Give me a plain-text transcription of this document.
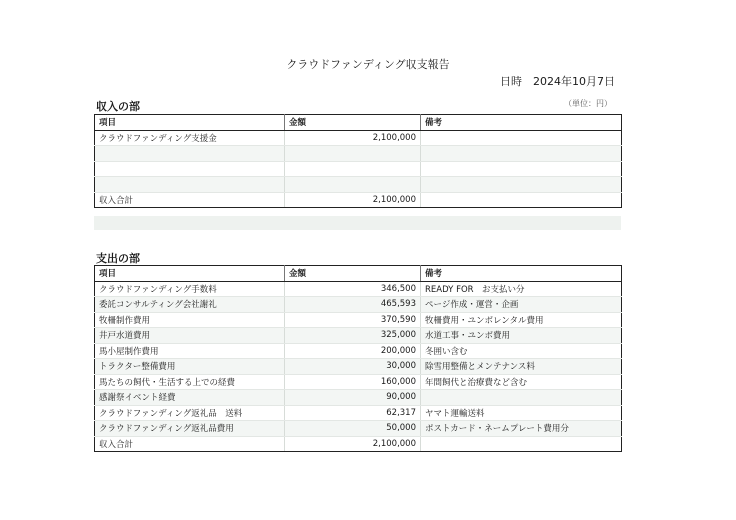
クラウドファンディング収支報告
日時　 2024年10月7日
収入の部	（単位：円）
項目	金額	備考
クラウドファンディング支援金	2,100,000	

収入合計	2,100,000	
支出の部
項目	金額	備考
クラウドファンディング手数料	346,500	READY FOR　お支払い分
委託コンサルティング会社謝礼	465,593	ページ作成・運営・企画
牧柵制作費用	370,590	牧柵費用・ユンボレンタル費用
井戸水道費用	325,000	水道工事・ユンボ費用
馬小屋制作費用	200,000	冬囲い含む
トラクター整備費用	30,000	除雪用整備とメンテナンス料
馬たちの飼代・生活する上での経費	160,000	年間飼代と治療費など含む
感謝祭イベント経費	90,000	
クラウドファンディング返礼品　送料	62,317	ヤマト運輸送料
クラウドファンディング返礼品費用	50,000	ポストカード・ネームプレート費用分
収入合計	2,100,000	
